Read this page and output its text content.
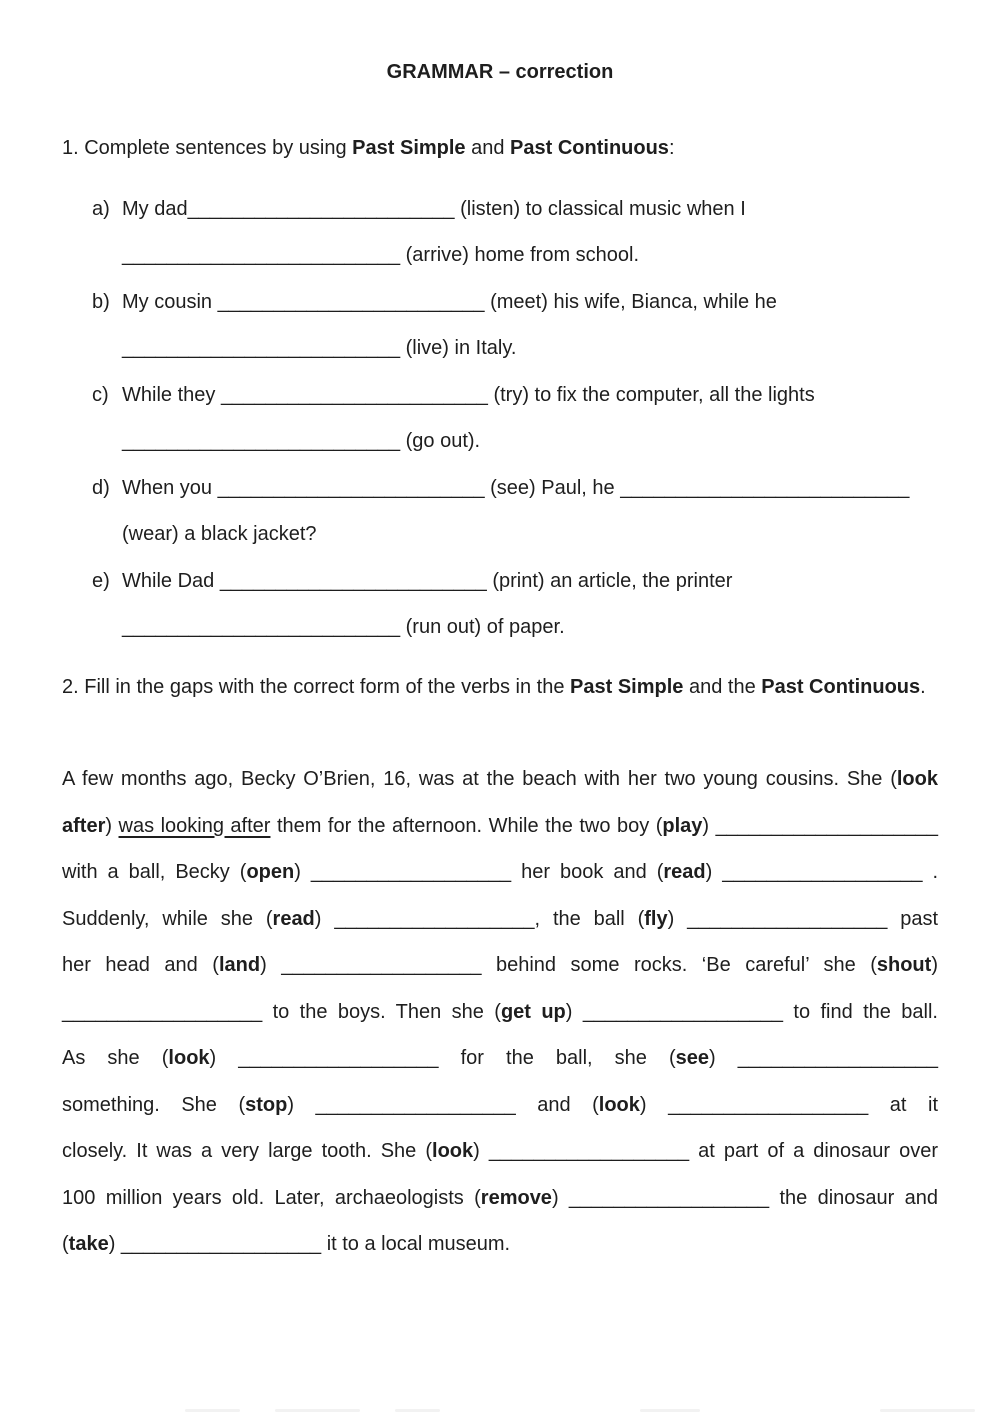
GRAMMAR – correction
1. Complete sentences by using Past Simple and Past Continuous:
a) My dad________________________ (listen) to classical music when I
_________________________ (arrive) home from school.
b) My cousin ________________________ (meet) his wife, Bianca, while he
_________________________ (live) in Italy.
c) While they ________________________ (try) to fix the computer, all the lights
_________________________ (go out).
d) When you ________________________ (see) Paul, he __________________________
(wear) a black jacket?
e) While Dad ________________________ (print) an article, the printer
_________________________ (run out) of paper.
2. Fill in the gaps with the correct form of the verbs in the Past Simple and the Past Continuous.
A few months ago, Becky O’Brien, 16, was at the beach with her two young cousins. She (look
after) was looking after them for the afternoon. While the two boy (play) ____________________
with a ball, Becky (open) __________________ her book and (read) __________________ .
Suddenly, while she (read) __________________, the ball (fly) __________________ past
her head and (land) __________________ behind some rocks. ‘Be careful’ she (shout)
__________________ to the boys. Then she (get up) __________________ to find the ball.
As she (look) __________________ for the ball, she (see) __________________
something. She (stop) __________________ and (look) __________________ at it
closely. It was a very large tooth. She (look) __________________ at part of a dinosaur over
100 million years old. Later, archaeologists (remove) __________________ the dinosaur and
(take) __________________ it to a local museum.
